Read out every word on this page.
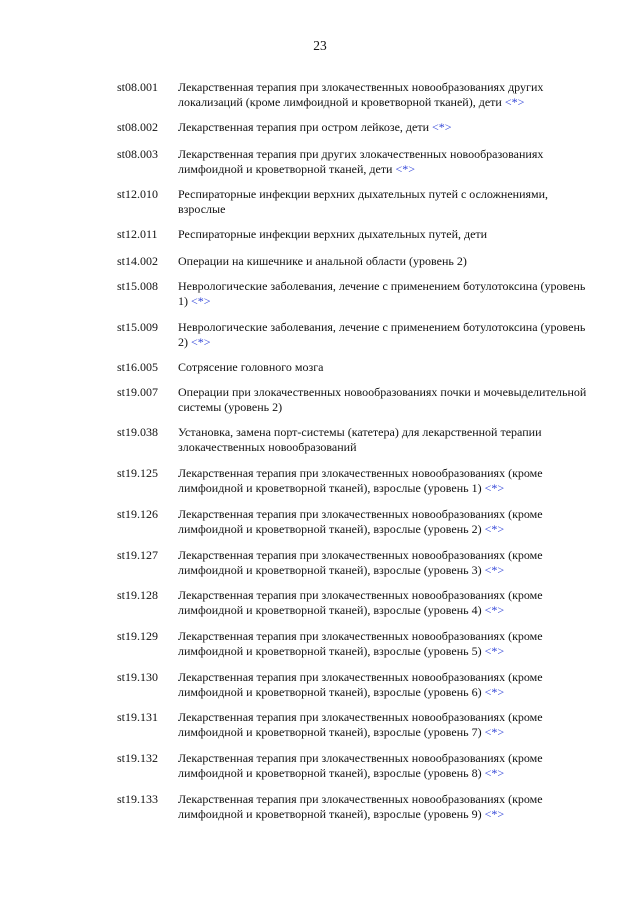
23
st08.001	Лекарственная терапия при злокачественных новообразованиях других локализаций (кроме лимфоидной и кроветворной тканей), дети <*>
st08.002	Лекарственная терапия при остром лейкозе, дети <*>
st08.003	Лекарственная терапия при других злокачественных новообразованиях лимфоидной и кроветворной тканей, дети <*>
st12.010	Респираторные инфекции верхних дыхательных путей с осложнениями, взрослые
st12.011	Респираторные инфекции верхних дыхательных путей, дети
st14.002	Операции на кишечнике и анальной области (уровень 2)
st15.008	Неврологические заболевания, лечение с применением ботулотоксина (уровень 1) <*>
st15.009	Неврологические заболевания, лечение с применением ботулотоксина (уровень 2) <*>
st16.005	Сотрясение головного мозга
st19.007	Операции при злокачественных новообразованиях почки и мочевыделительной системы (уровень 2)
st19.038	Установка, замена порт-системы (катетера) для лекарственной терапии злокачественных новообразований
st19.125	Лекарственная терапия при злокачественных новообразованиях (кроме лимфоидной и кроветворной тканей), взрослые (уровень 1) <*>
st19.126	Лекарственная терапия при злокачественных новообразованиях (кроме лимфоидной и кроветворной тканей), взрослые (уровень 2) <*>
st19.127	Лекарственная терапия при злокачественных новообразованиях (кроме лимфоидной и кроветворной тканей), взрослые (уровень 3) <*>
st19.128	Лекарственная терапия при злокачественных новообразованиях (кроме лимфоидной и кроветворной тканей), взрослые (уровень 4) <*>
st19.129	Лекарственная терапия при злокачественных новообразованиях (кроме лимфоидной и кроветворной тканей), взрослые (уровень 5) <*>
st19.130	Лекарственная терапия при злокачественных новообразованиях (кроме лимфоидной и кроветворной тканей), взрослые (уровень 6) <*>
st19.131	Лекарственная терапия при злокачественных новообразованиях (кроме лимфоидной и кроветворной тканей), взрослые (уровень 7) <*>
st19.132	Лекарственная терапия при злокачественных новообразованиях (кроме лимфоидной и кроветворной тканей), взрослые (уровень 8) <*>
st19.133	Лекарственная терапия при злокачественных новообразованиях (кроме лимфоидной и кроветворной тканей), взрослые (уровень 9) <*>
